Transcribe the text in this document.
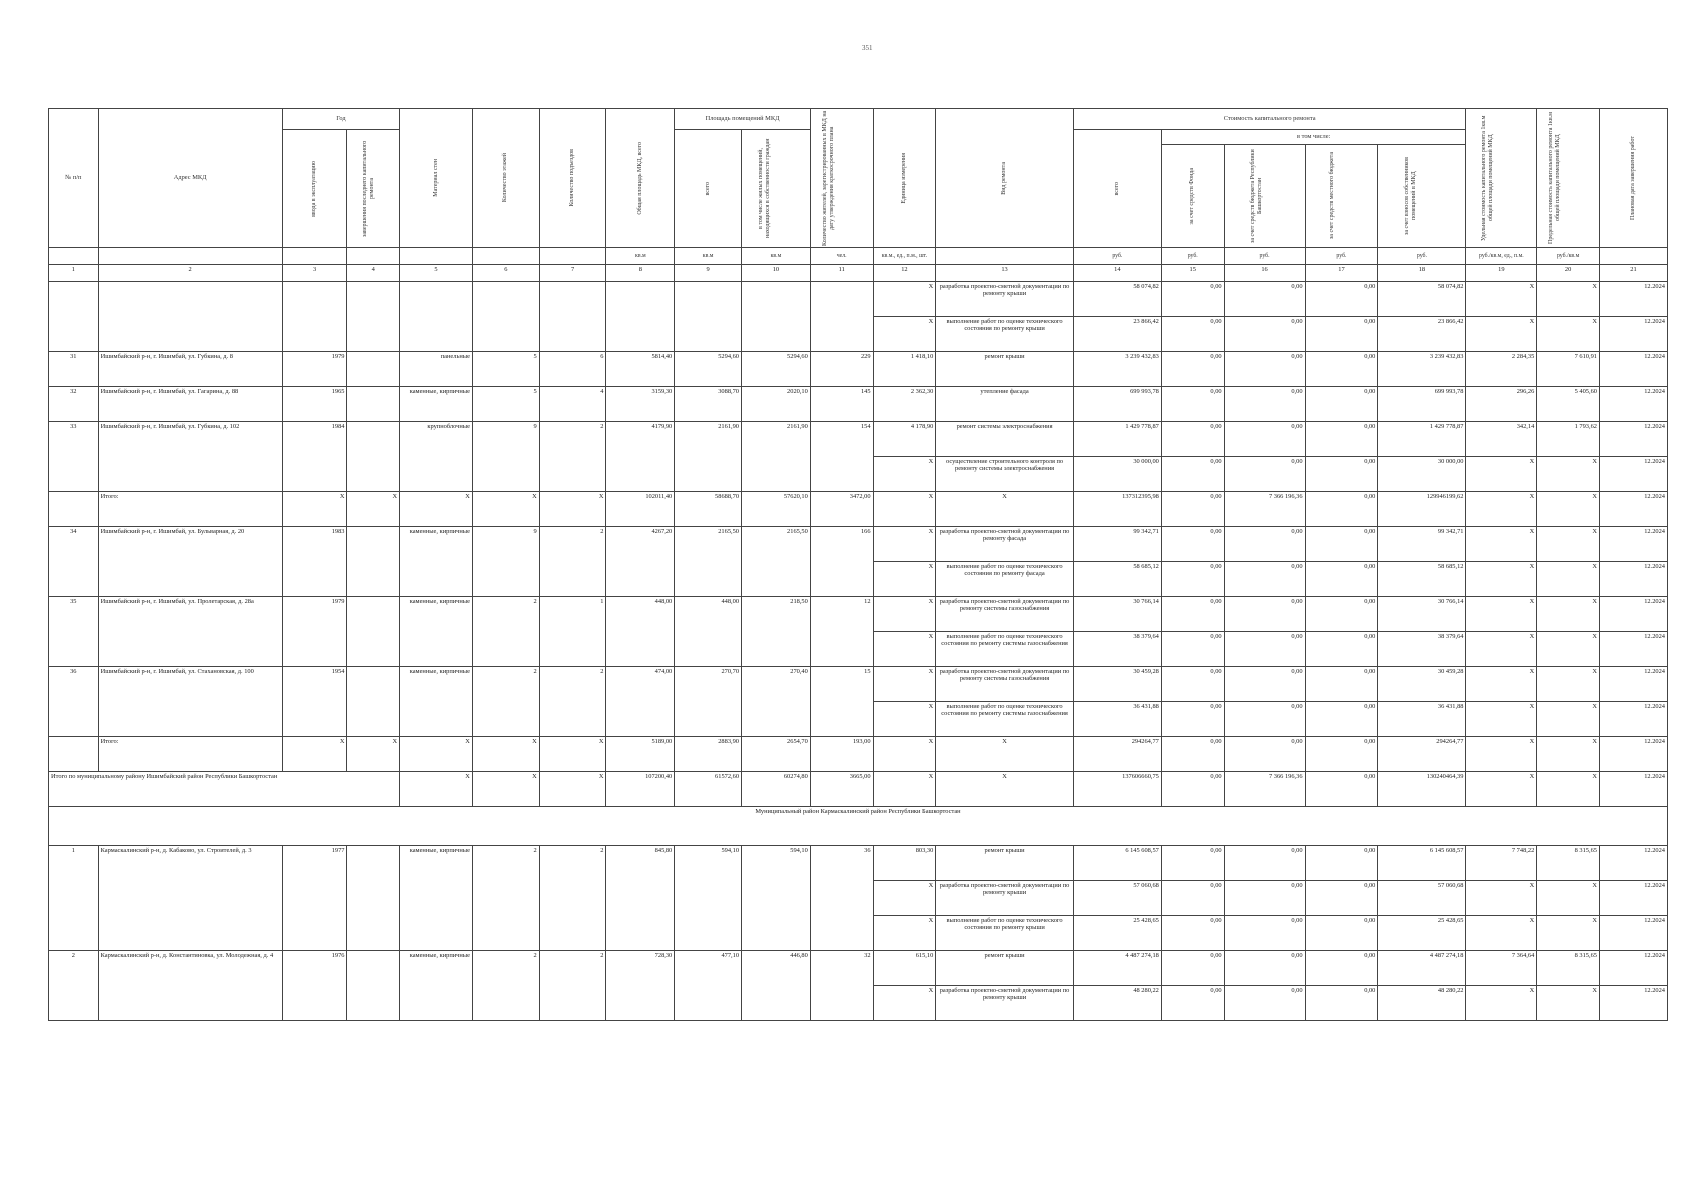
351
№ п/п	Адрес МКД	Год		Материал стен	Количество этажей	Количество подъездов	Общая площадь МКД, всего	Площадь помещений МКД		Количество жителей, зарегистрированных в МКД на дату утверждения краткосрочного плана	Единица измерения	Вид ремонта	Стоимость капитального ремонта					Удельная стоимость капитального ремонта 1кв.м общей площади помещений МКД	Предельная стоимость капитального ремонта 1кв.м общей площади помещений МКД	Плановая дата завершения работ

		ввода в эксплуатацию	завершения последнего капитального ремонта					всего	в том числе жилых помещений, находящихся в собственности граждан				всего	в том числе:						

														за счет средств Фонда	за счет средств бюджета Республики Башкортостан	за счет средств местного бюджета	за счет взносов собственников помещений в МКД			

							кв.м	кв.м	кв.м	чел.	кв.м., ед., п.м., шт.		руб.	руб.	руб.	руб.	руб.	руб./кв.м, ед., п.м.	руб./кв.м	
1	2	3	4	5	6	7	8	9	10	11	12	13	14	15	16	17	18	19	20	21
											X	разработка проектно-сметной документации по ремонту крыши	58 074,82	0,00	0,00	0,00	58 074,82	X	X	12.2024
											X	выполнение работ по оценке технического состояния по ремонту крыши	23 866,42	0,00	0,00	0,00	23 866,42	X	X	12.2024
31	Ишимбайский р-н, г. Ишимбай, ул. Губкина, д. 8	1979		панельные	5	6	5814,40	5294,60	5294,60	229	1 418,10	ремонт крыши	3 239 432,83	0,00	0,00	0,00	3 239 432,83	2 284,35	7 610,91	12.2024
32	Ишимбайский р-н, г. Ишимбай, ул. Гагарина, д. 88	1965		каменные, кирпичные	5	4	3159,30	3088,70	2020,10	145	2 362,30	утепление фасада	699 993,78	0,00	0,00	0,00	699 993,78	296,26	5 405,60	12.2024
33	Ишимбайский р-н, г. Ишимбай, ул. Губкина, д. 102	1984		крупноблочные	9	2	4179,90	2161,90	2161,90	154	4 178,90	ремонт системы электроснабжения	1 429 778,87	0,00	0,00	0,00	1 429 778,87	342,14	1 793,62	12.2024
											X	осуществление строительного контроля по ремонту системы электроснабжения	30 000,00	0,00	0,00	0,00	30 000,00	X	X	12.2024
	Итого:	X	X	X	X	X	102011,40	58688,70	57620,10	3472,00	X	X	137312395,98	0,00	7 366 196,36	0,00	129946199,62	X	X	12.2024
34	Ишимбайский р-н, г. Ишимбай, ул. Бульварная, д. 20	1983		каменные, кирпичные	9	2	4267,20	2165,50	2165,50	166	X	разработка проектно-сметной документации по ремонту фасада	99 342,71	0,00	0,00	0,00	99 342,71	X	X	12.2024
											X	выполнение работ по оценке технического состояния по ремонту фасада	58 685,12	0,00	0,00	0,00	58 685,12	X	X	12.2024
35	Ишимбайский р-н, г. Ишимбай, ул. Пролетарская, д. 28а	1979		каменные, кирпичные	2	1	448,00	448,00	218,50	12	X	разработка проектно-сметной документации по ремонту системы газоснабжения	30 766,14	0,00	0,00	0,00	30 766,14	X	X	12.2024
											X	выполнение работ по оценке технического состояния по ремонту системы газоснабжения	38 379,64	0,00	0,00	0,00	38 379,64	X	X	12.2024
36	Ишимбайский р-н, г. Ишимбай, ул. Стахановская, д. 100	1954		каменные, кирпичные	2	2	474,00	270,70	270,40	15	X	разработка проектно-сметной документации по ремонту системы газоснабжения	30 459,28	0,00	0,00	0,00	30 459,28	X	X	12.2024
											X	выполнение работ по оценке технического состояния по ремонту системы газоснабжения	36 431,88	0,00	0,00	0,00	36 431,88	X	X	12.2024
	Итого:	X	X	X	X	X	5189,00	2883,90	2654,70	193,00	X	X	294264,77	0,00	0,00	0,00	294264,77	X	X	12.2024
Итого по муниципальному району Ишимбайский район Республики Башкортостан				X	X	X	107200,40	61572,60	60274,80	3665,00	X	X	137606660,75	0,00	7 366 196,36	0,00	130240464,39	X	X	12.2024
Муниципальный район Кармаскалинский район Республики Башкортостан																				
1	Кармаскалинский р-н, д. Кабаково, ул. Строителей, д. 3	1977		каменные, кирпичные	2	2	845,80	594,10	594,10	36	803,30	ремонт крыши	6 145 608,57	0,00	0,00	0,00	6 145 608,57	7 748,22	8 315,65	12.2024
											X	разработка проектно-сметной документации по ремонту крыши	57 060,68	0,00	0,00	0,00	57 060,68	X	X	12.2024
											X	выполнение работ по оценке технического состояния по ремонту крыши	25 428,65	0,00	0,00	0,00	25 428,65	X	X	12.2024
2	Кармаскалинский р-н, д. Константиновка, ул. Молодежная, д. 4	1976		каменные, кирпичные	2	2	728,30	477,10	446,80	32	615,10	ремонт крыши	4 487 274,18	0,00	0,00	0,00	4 487 274,18	7 364,64	8 315,65	12.2024
											X	разработка проектно-сметной документации по ремонту крыши	48 280,22	0,00	0,00	0,00	48 280,22	X	X	12.2024
